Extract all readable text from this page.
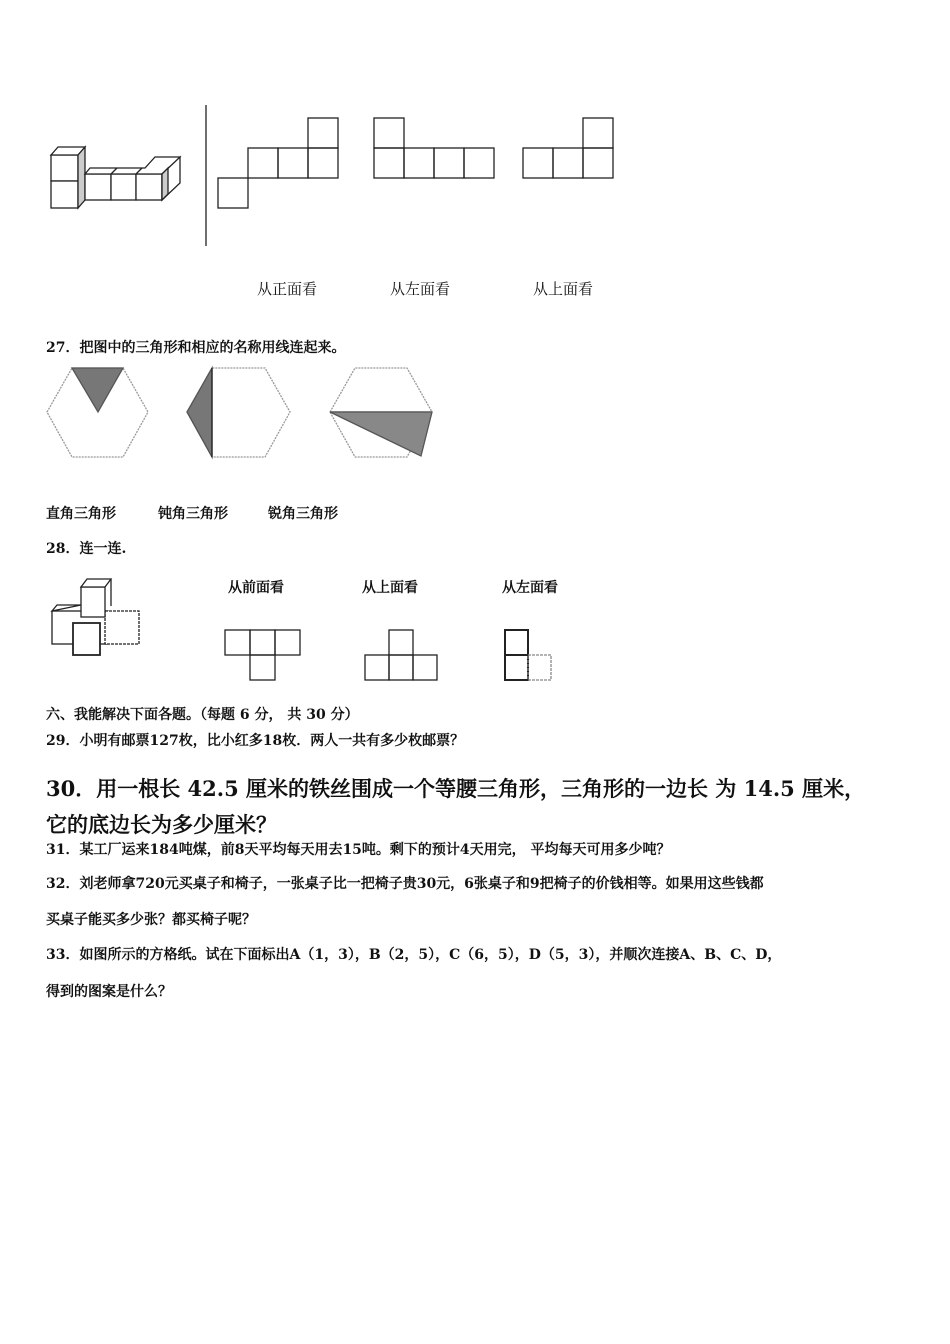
从正面看	从左面看	从上面看
27．把图中的三角形和相应的名称用线连起来。
直角三角形	钝角三角形	锐角三角形
28．连一连.
从前面看	从上面看	从左面看
六、我能解决下面各题。（每题 6 分， 共 30 分）
29．小明有邮票127枚，比小红多18枚．两人一共有多少枚邮票？
30．用一根长 42.5 厘米的铁丝围成一个等腰三角形，三角形的一边长 为 14.5 厘米，
它的底边长为多少厘米？
31．某工厂运来184吨煤，前8天平均每天用去15吨。剩下的预计4天用完， 平均每天可用多少吨？
32．刘老师拿720元买桌子和椅子，一张桌子比一把椅子贵30元，6张桌子和9把椅子的价钱相等。如果用这些钱都
买桌子能买多少张？都买椅子呢？
33．如图所示的方格纸。试在下面标出A（1，3），B（2，5），C（6，5），D（5，3），并顺次连接A、B、C、D，
得到的图案是什么？
